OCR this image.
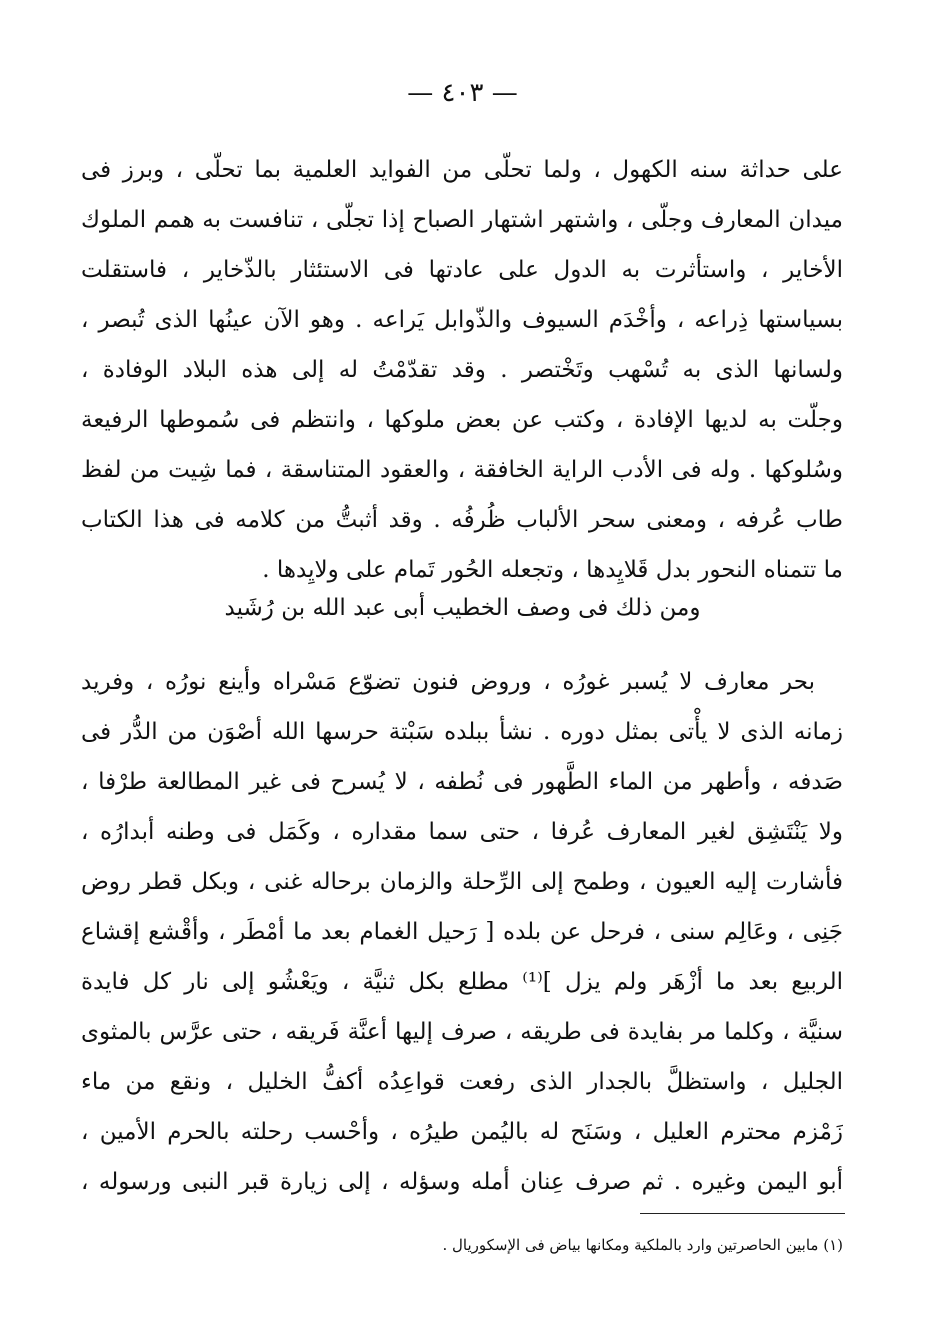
— ٤٠٣ —
على حداثة سنه الكهول ، ولما تحلّى من الفوايد العلمية بما تحلّى ، وبرز فى
ميدان المعارف وجلّى ، واشتهر اشتهار الصباح إذا تجلّى ، تنافست به همم الملوك
الأخاير ، واستأثرت به الدول على عادتها فى الاستئثار بالذّخاير ، فاستقلت
بسياستها ذِراعه ، وأخْدَم السيوف والذّوابل يَراعه . وهو الآن عينُها الذى تُبصر ،
ولسانها الذى به تُسْهب وتَخْتصر . وقد تقدّمْتُ له إلى هذه البلاد الوفادة ،
وجلّت به لديها الإفادة ، وكتب عن بعض ملوكها ، وانتظم فى سُموطها الرفيعة
وسُلوكها . وله فى الأدب الراية الخافقة ، والعقود المتناسقة ، فما شِيت من لفظ
طاب عُرفه ، ومعنى سحر الألباب ظُرفُه . وقد أثبتُّ من كلامه فى هذا الكتاب
ما تتمناه النحور بدل قَلايِدها ، وتجعله الحُور تَمام على ولايِدها .
ومن ذلك فى وصف الخطيب أبى عبد الله بن رُشَيد
بحر معارف لا يُسبر غورُه ، وروض فنون تضوّع مَسْراه وأينع نورُه ، وفريد
زمانه الذى لا يأْتى بمثل دوره . نشأ ببلده سَبْتة حرسها الله أصْوَن من الدُّر فى
صَدفه ، وأطهر من الماء الطَّهور فى نُطفه ، لا يُسرح فى غير المطالعة طرْفا ،
ولا يَنْتَشِق لغير المعارف عُرفا ، حتى سما مقداره ، وكَمَل فى وطنه أبدارُه ،
فأشارت إليه العيون ، وطمح إلى الرِّحلة والزمان برحاله غنى ، وبكل قطر روض
جَنِى ، وعَالِم سنى ، فرحل عن بلده [ رَحيل الغمام بعد ما أمْطَر ، وأقْشع إقشاع
الربيع بعد ما أزْهَر ولم يزل ]⁽¹⁾ مطلع بكل ثنيَّة ، ويَعْشُو إلى نار كل فايدة
سنيَّة ، وكلما مر بفايدة فى طريقه ، صرف إليها أعنَّة فَريقه ، حتى عرَّس بالمثوى
الجليل ، واستظلَّ بالجدار الذى رفعت قواعِدُه أكفُّ الخليل ، ونقع من ماء
زَمْزم محترم العليل ، وسَنَح له باليُمن طيرُه ، وأحْسب رحلته بالحرم الأمين ،
أبو اليمن وغيره . ثم صرف عِنان أمله وسؤله ، إلى زيارة قبر النبى ورسوله ،
(١) مابين الحاصرتين وارد بالملكية ومكانها بياض فى الإسكوريال .
